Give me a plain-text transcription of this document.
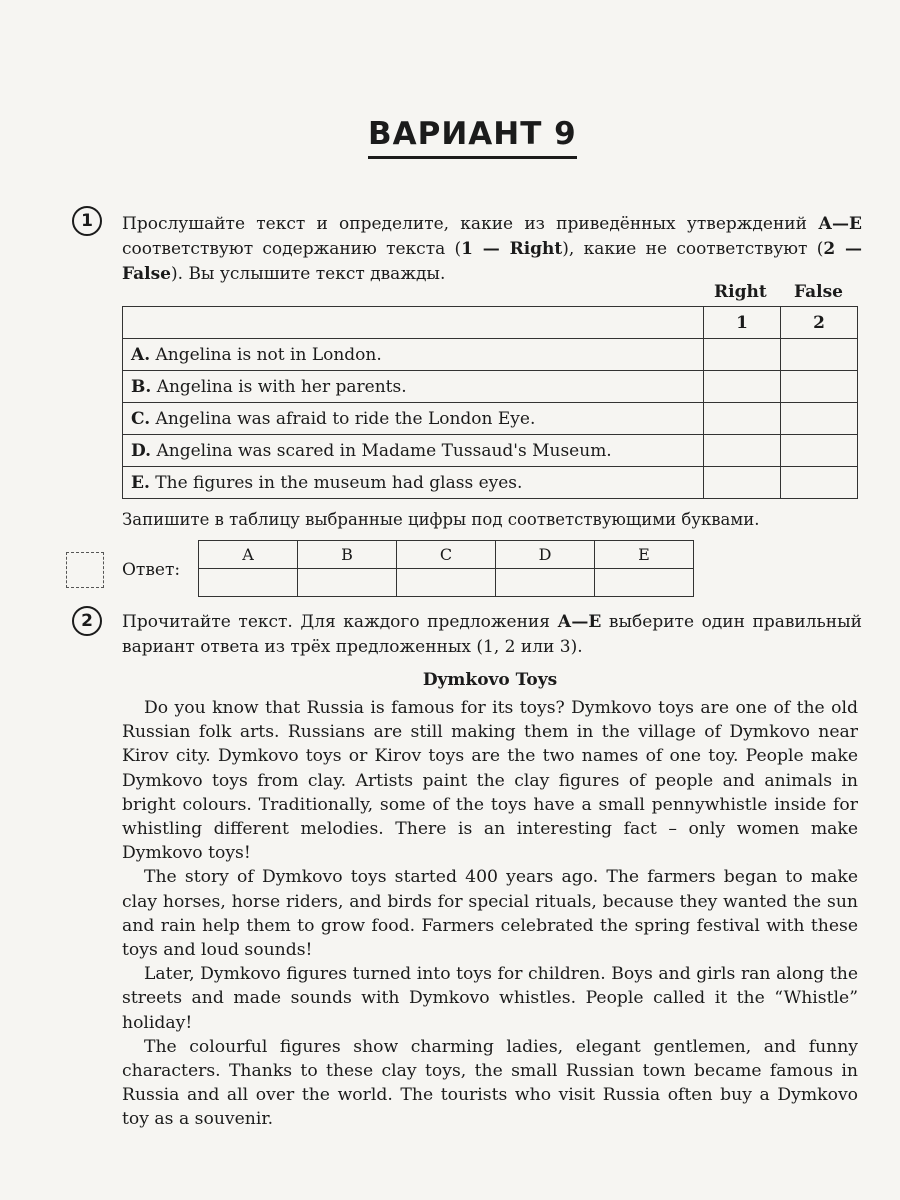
ВАРИАНТ 9
1	Прослушайте текст и определите, какие из приведённых утверждений А—Е соответствуют содержанию текста (1 — Right), какие не соответствуют (2 — False). Вы услышите текст дважды.

Right False
	1	2
A. Angelina is not in London.		
B. Angelina is with her parents.		
C. Angelina was afraid to ride the London Eye.		
D. Angelina was scared in Madame Tussaud's Museum.		
E. The figures in the museum had glass eyes.		

Запишите в таблицу выбранные цифры под соответствующими буквами.

Ответ:
A	B	C	D	E

2	Прочитайте текст. Для каждого предложения А—Е выберите один правильный вариант ответа из трёх предложенных (1, 2 или 3).

Dymkovo Toys

Do you know that Russia is famous for its toys? Dymkovo toys are one of the old Russian folk arts. Russians are still making them in the village of Dymkovo near Kirov city. Dymkovo toys or Kirov toys are the two names of one toy. People make Dymkovo toys from clay. Artists paint the clay figures of people and animals in bright colours. Traditionally, some of the toys have a small pennywhistle inside for whistling different melodies. There is an interesting fact – only women make Dymkovo toys!

The story of Dymkovo toys started 400 years ago. The farmers began to make clay horses, horse riders, and birds for special rituals, because they wanted the sun and rain help them to grow food. Farmers celebrated the spring festival with these toys and loud sounds!

Later, Dymkovo figures turned into toys for children. Boys and girls ran along the streets and made sounds with Dymkovo whistles. People called it the “Whistle” holiday!

The colourful figures show charming ladies, elegant gentlemen, and funny characters. Thanks to these clay toys, the small Russian town became famous in Russia and all over the world. The tourists who visit Russia often buy a Dymkovo toy as a souvenir.
